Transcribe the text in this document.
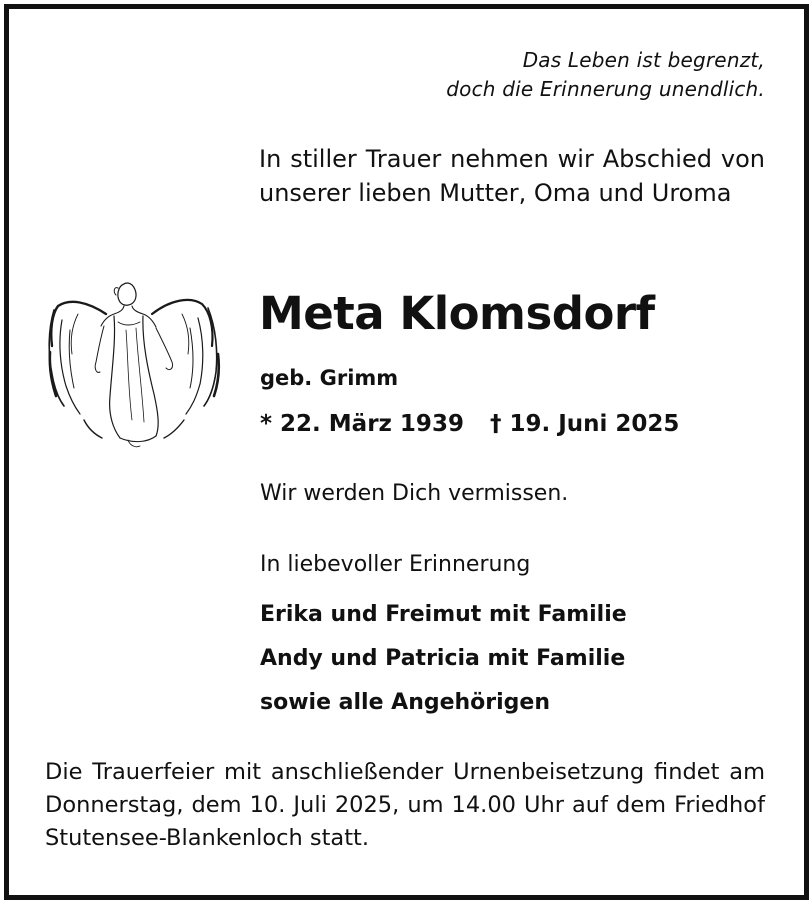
Das Leben ist begrenzt,
doch die Erinnerung unendlich.
In stiller Trauer nehmen wir Abschied von unserer lieben Mutter, Oma und Uroma
Meta Klomsdorf
geb. Grimm
* 22. März 1939 † 19. Juni 2025
Wir werden Dich vermissen.
In liebevoller Erinnerung
Erika und Freimut mit Familie
Andy und Patricia mit Familie
sowie alle Angehörigen
Die Trauerfeier mit anschließender Urnenbeisetzung findet am Donnerstag, dem 10. Juli 2025, um 14.00 Uhr auf dem Friedhof Stutensee-Blankenloch statt.
